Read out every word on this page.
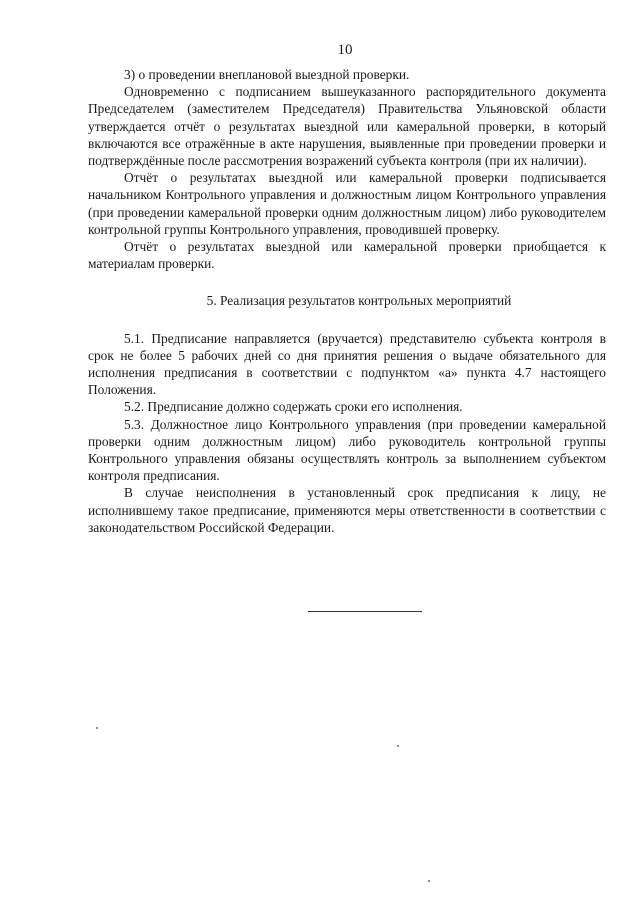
10

3) о проведении внеплановой выездной проверки.

Одновременно с подписанием вышеуказанного распорядительного документа Председателем (заместителем Председателя) Правительства Ульяновской области утверждается отчёт о результатах выездной или камеральной проверки, в который включаются все отражённые в акте нарушения, выявленные при проведении проверки и подтверждённые после рассмотрения возражений субъекта контроля (при их наличии).

Отчёт о результатах выездной или камеральной проверки подписывается начальником Контрольного управления и должностным лицом Контрольного управления (при проведении камеральной проверки одним должностным лицом) либо руководителем контрольной группы Контрольного управления, проводившей проверку.

Отчёт о результатах выездной или камеральной проверки приобщается к материалам проверки.

5. Реализация результатов контрольных мероприятий

5.1. Предписание направляется (вручается) представителю субъекта контроля в срок не более 5 рабочих дней со дня принятия решения о выдаче обязательного для исполнения предписания в соответствии с подпунктом «а» пункта 4.7 настоящего Положения.

5.2. Предписание должно содержать сроки его исполнения.

5.3. Должностное лицо Контрольного управления (при проведении камеральной проверки одним должностным лицом) либо руководитель контрольной группы Контрольного управления обязаны осуществлять контроль за выполнением субъектом контроля предписания.

В случае неисполнения в установленный срок предписания к лицу, не исполнившему такое предписание, применяются меры ответственности в соответствии с законодательством Российской Федерации.
